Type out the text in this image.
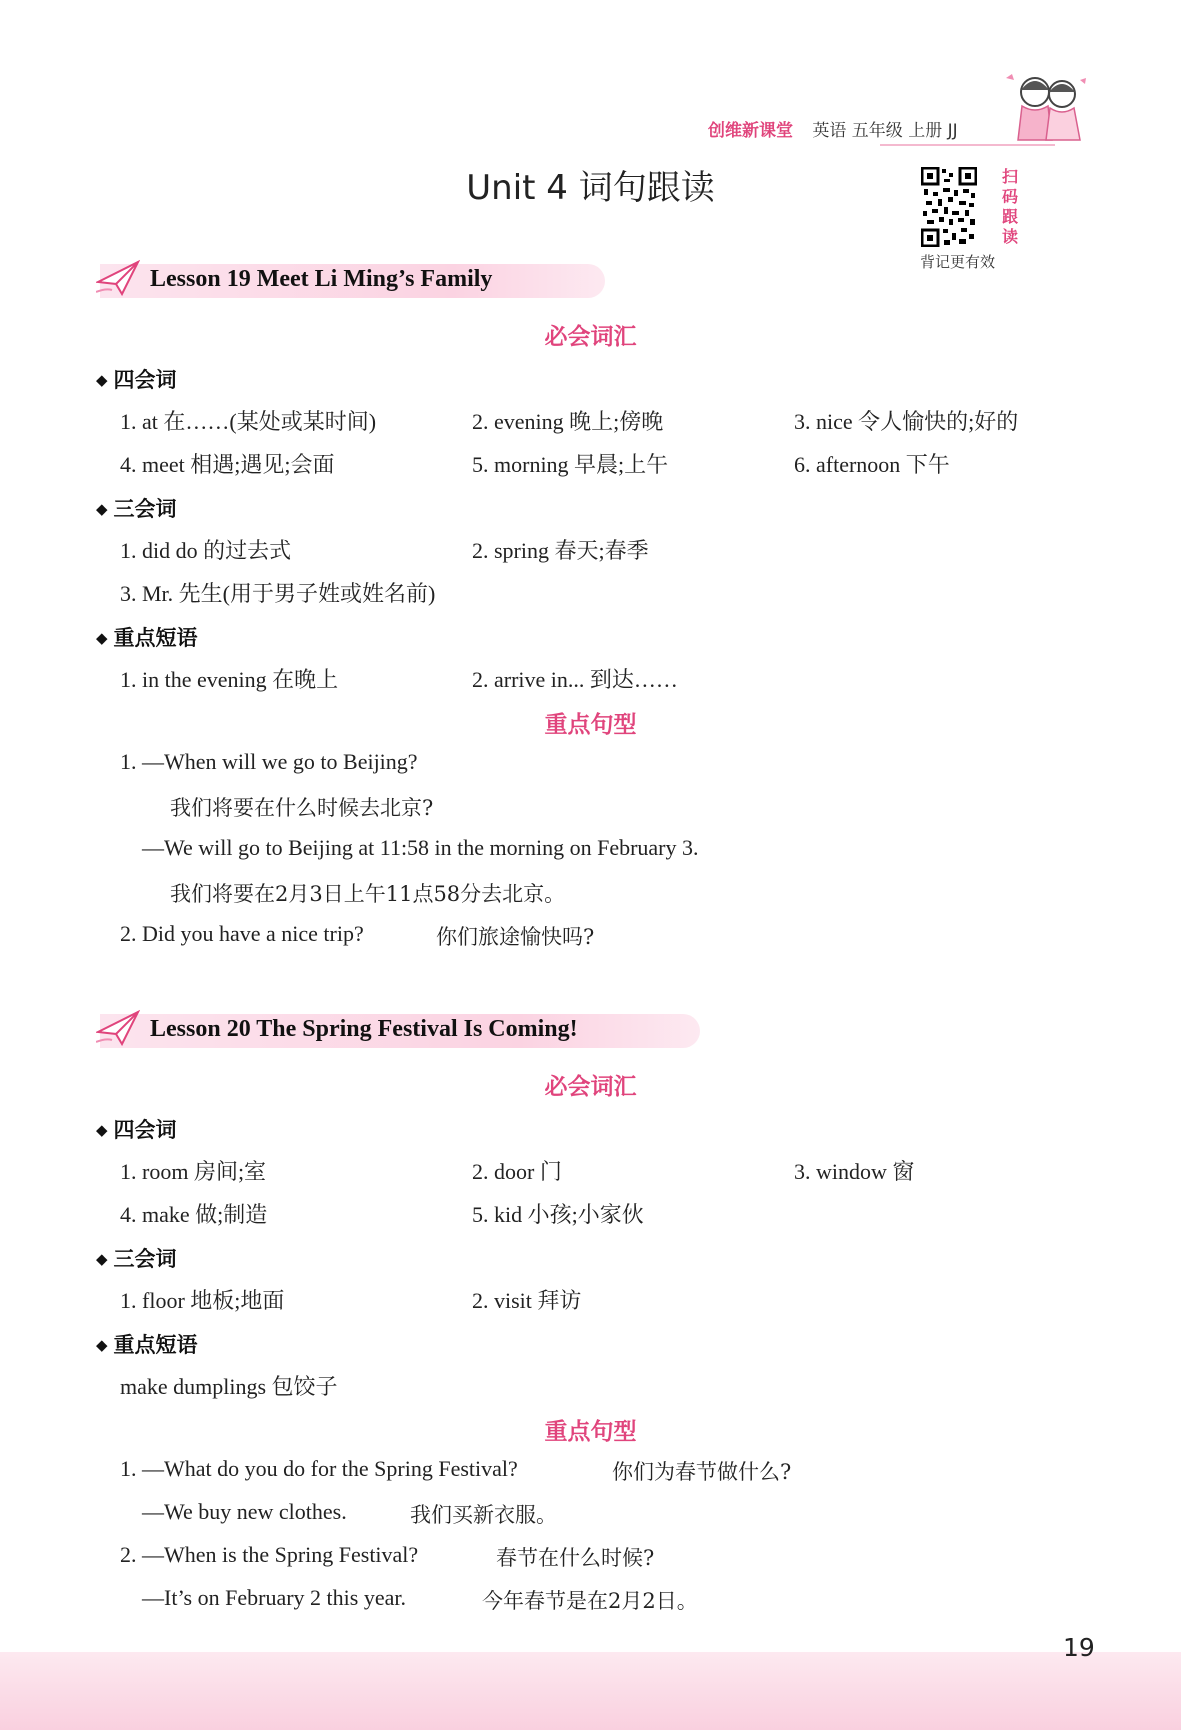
创维新课堂 英语 五年级 上册 JJ
Unit 4 词句跟读	扫码跟读
背记更有效
Lesson 19 Meet Li Ming’s Family
必会词汇
◆ 四会词
1. at 在……(某处或某时间)	2. evening 晚上;傍晚	3. nice 令人愉快的;好的
4. meet 相遇;遇见;会面	5. morning 早晨;上午	6. afternoon 下午
◆ 三会词
1. did do 的过去式	2. spring 春天;春季
3. Mr. 先生(用于男子姓或姓名前)
◆ 重点短语
1. in the evening 在晚上	2. arrive in... 到达……
重点句型
1. —When will we go to Beijing?
我们将要在什么时候去北京?
—We will go to Beijing at 11:58 in the morning on February 3.
我们将要在2月3日上午11点58分去北京。
2. Did you have a nice trip?	你们旅途愉快吗?
Lesson 20 The Spring Festival Is Coming!
必会词汇
◆ 四会词
1. room 房间;室	2. door 门	3. window 窗
4. make 做;制造	5. kid 小孩;小家伙
◆ 三会词
1. floor 地板;地面	2. visit 拜访
◆ 重点短语
make dumplings 包饺子
重点句型
1. —What do you do for the Spring Festival?	你们为春节做什么?
—We buy new clothes.	我们买新衣服。
2. —When is the Spring Festival?	春节在什么时候?
—It’s on February 2 this year.	今年春节是在2月2日。
19
